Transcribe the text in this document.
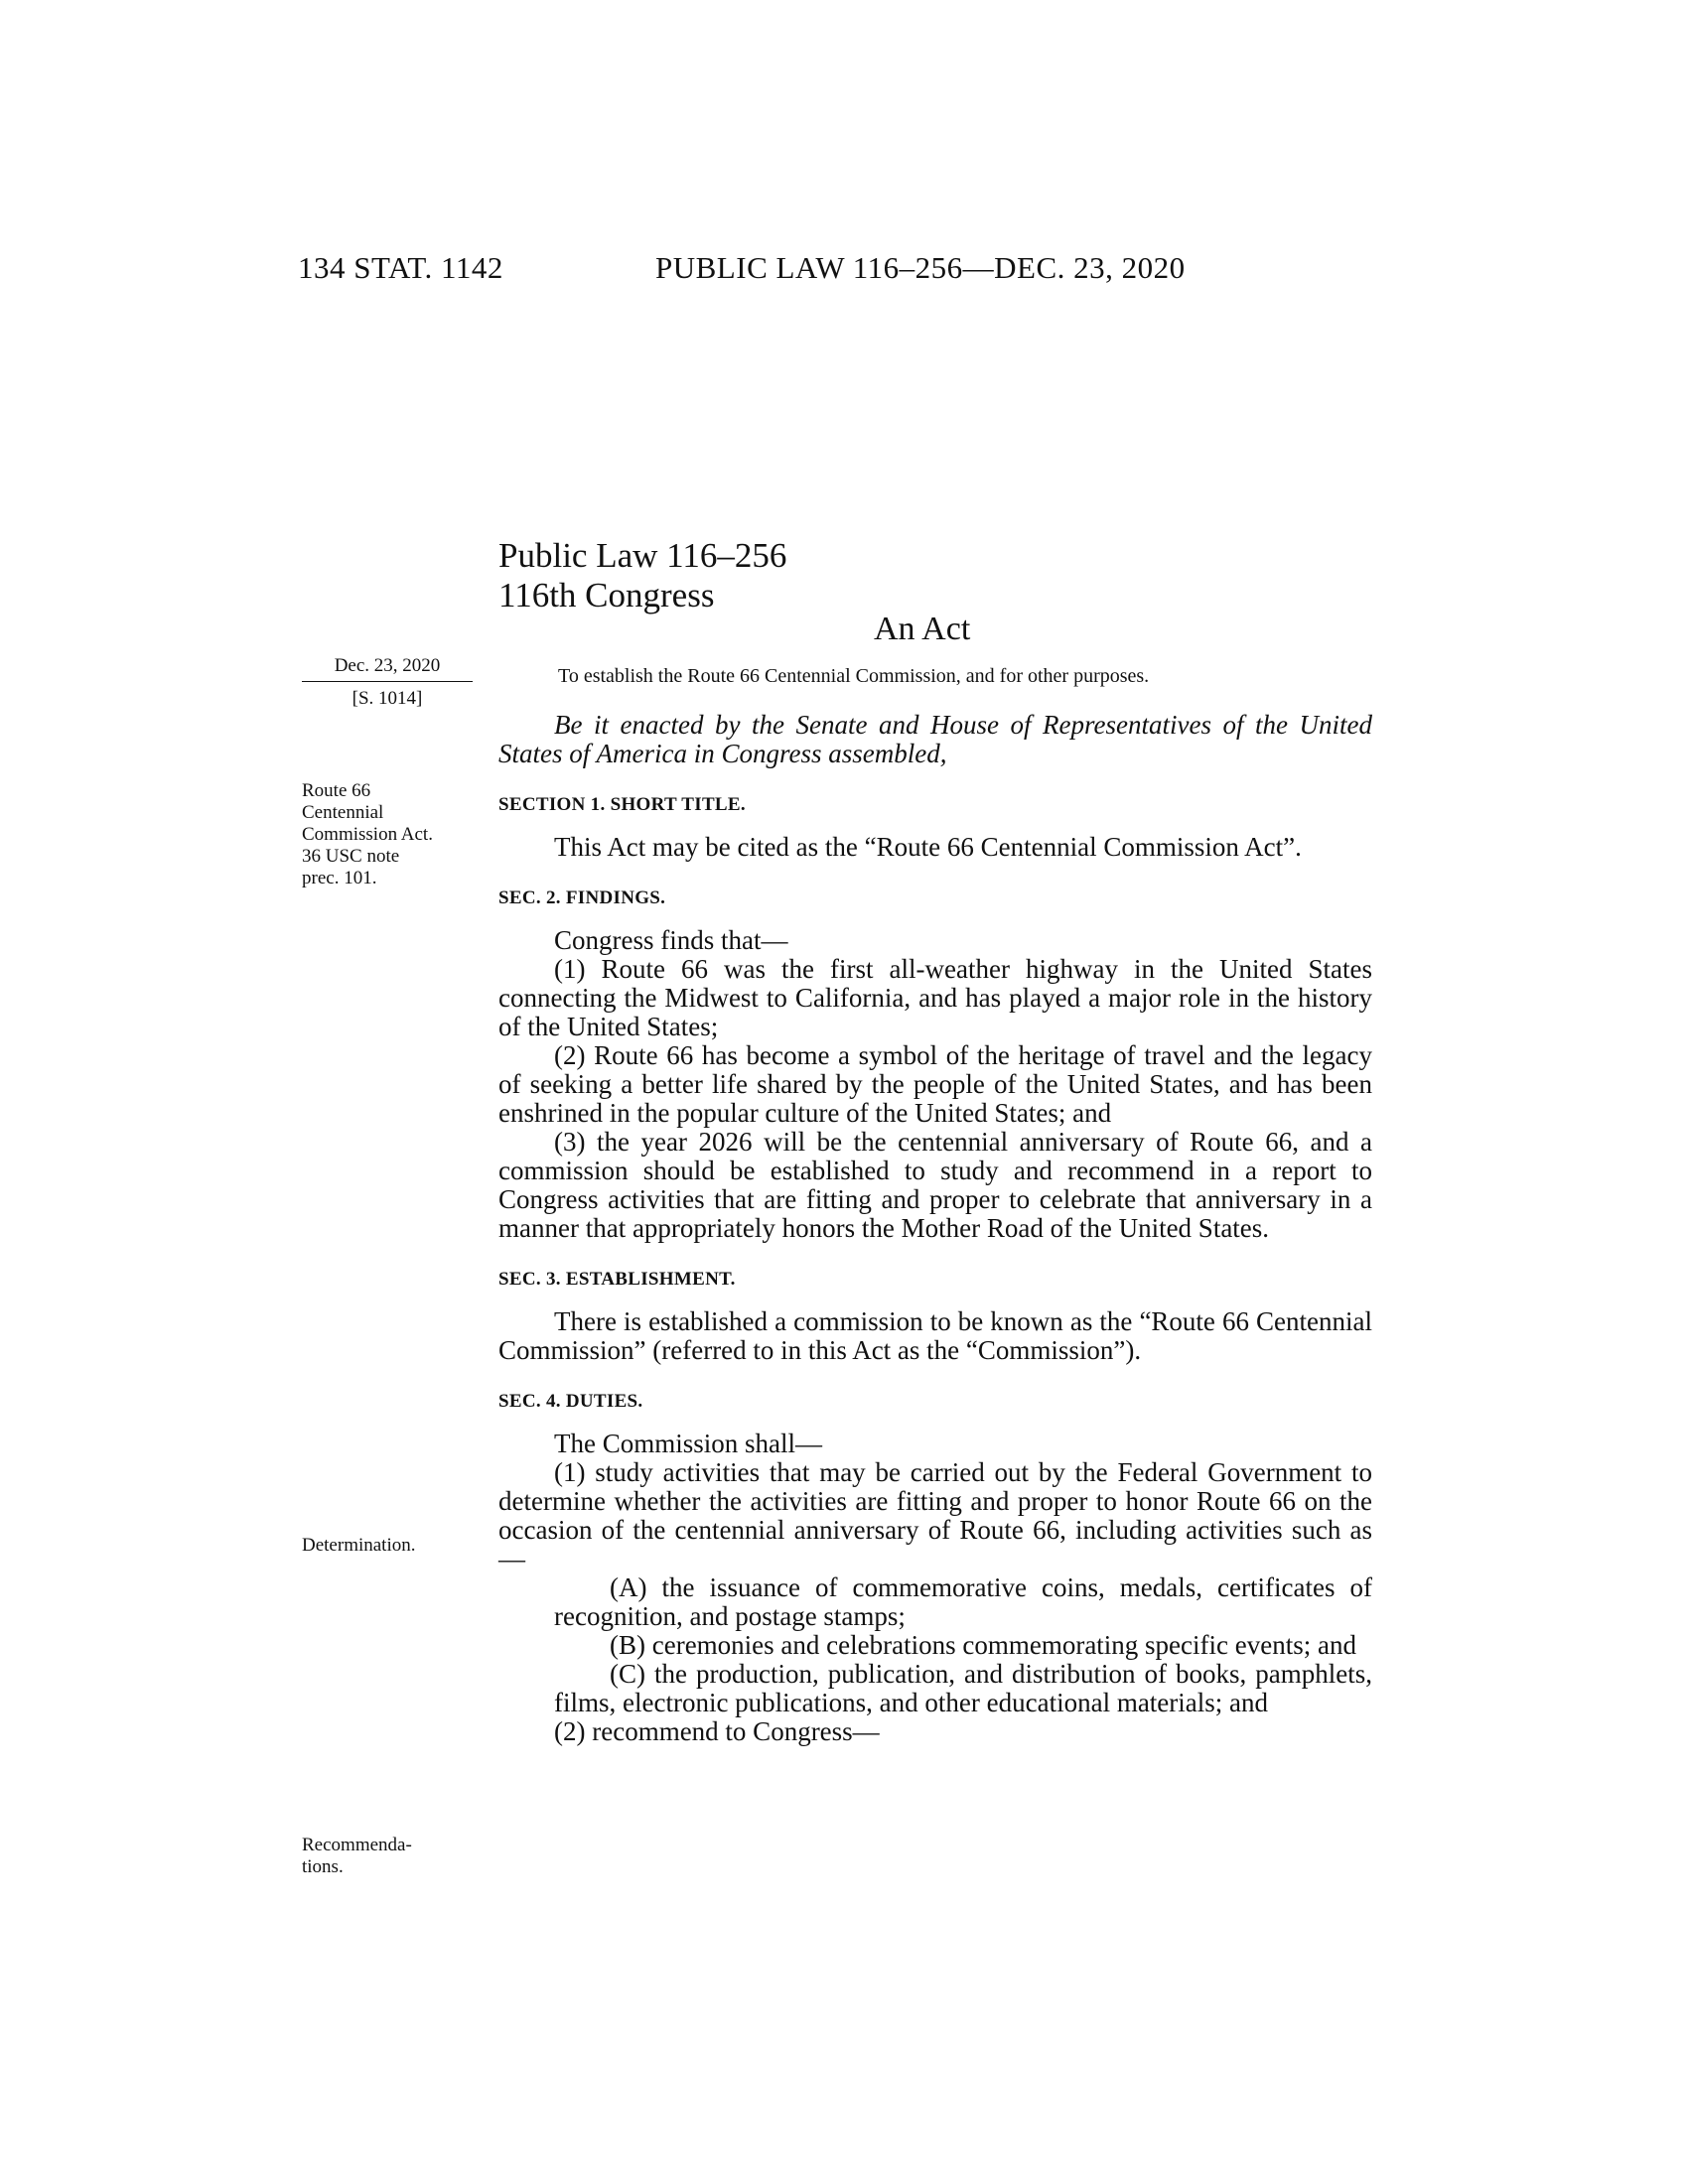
134 STAT. 1142	PUBLIC LAW 116–256—DEC. 23, 2020
Public Law 116–256
116th Congress
An Act
Dec. 23, 2020
[S. 1014]
To establish the Route 66 Centennial Commission, and for other purposes.
Route 66
Centennial
Commission Act.
36 USC note
prec. 101.
Determination.
Recommenda-
tions.

Be it enacted by the Senate and House of Representatives of the United States of America in Congress assembled,

SECTION 1. SHORT TITLE.

This Act may be cited as the “Route 66 Centennial Commission Act”.

SEC. 2. FINDINGS.

Congress finds that—

(1) Route 66 was the first all-weather highway in the United States connecting the Midwest to California, and has played a major role in the history of the United States;

(2) Route 66 has become a symbol of the heritage of travel and the legacy of seeking a better life shared by the people of the United States, and has been enshrined in the popular culture of the United States; and

(3) the year 2026 will be the centennial anniversary of Route 66, and a commission should be established to study and recommend in a report to Congress activities that are fitting and proper to celebrate that anniversary in a manner that appropriately honors the Mother Road of the United States.

SEC. 3. ESTABLISHMENT.

There is established a commission to be known as the “Route 66 Centennial Commission” (referred to in this Act as the “Commission”).

SEC. 4. DUTIES.

The Commission shall—

(1) study activities that may be carried out by the Federal Government to determine whether the activities are fitting and proper to honor Route 66 on the occasion of the centennial anniversary of Route 66, including activities such as—

(A) the issuance of commemorative coins, medals, certificates of recognition, and postage stamps;

(B) ceremonies and celebrations commemorating specific events; and

(C) the production, publication, and distribution of books, pamphlets, films, electronic publications, and other educational materials; and

(2) recommend to Congress—
